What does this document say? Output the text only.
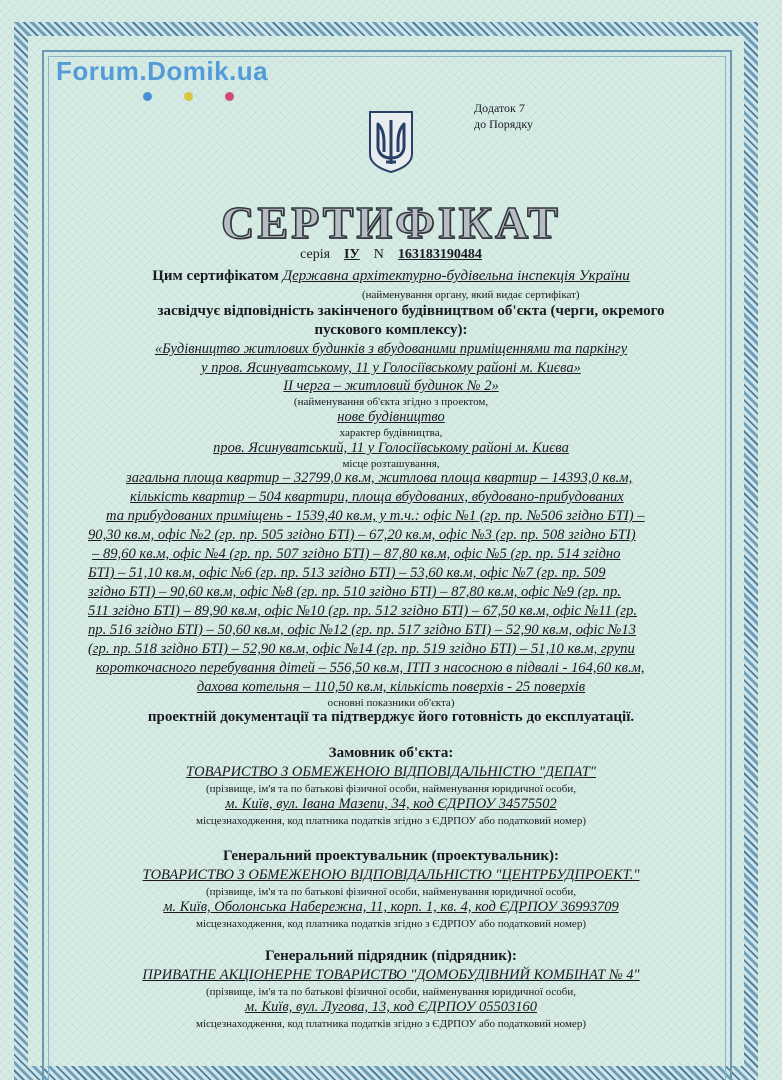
Forum.Domik.ua

Додаток 7
до Порядку
СЕРТИФІКАТ
серія ІУ N 163183190484
Цим сертифікатом Державна архітектурно-будівельна інспекція України
(найменування органу, який видає сертифікат)
засвідчує відповідність закінченого будівництвом об'єкта (черги, окремого
пускового комплексу):
«Будівництво житлових будинків з вбудованими приміщеннями та паркінгу
у пров. Ясинуватському, 11 у Голосіївському районі м. Києва»
ІІ черга – житловий будинок № 2»
(найменування об'єкта згідно з проектом,
нове будівництво
характер будівництва,
пров. Ясинуватський, 11 у Голосіївському районі м. Києва
місце розташування,
загальна площа квартир – 32799,0 кв.м, житлова площа квартир – 14393,0 кв.м,
кількість квартир – 504 квартири, площа вбудованих, вбудовано-прибудованих
та прибудованих приміщень - 1539,40 кв.м, у т.ч.: офіс №1 (гр. пр. №506 згідно БТІ) –
90,30 кв.м, офіс №2 (гр. пр. 505 згідно БТІ) – 67,20 кв.м, офіс №3 (гр. пр. 508 згідно БТІ)
– 89,60 кв.м, офіс №4 (гр. пр. 507 згідно БТІ) – 87,80 кв.м, офіс №5 (гр. пр. 514 згідно
БТІ) – 51,10 кв.м, офіс №6 (гр. пр. 513 згідно БТІ) – 53,60 кв.м, офіс №7 (гр. пр. 509
згідно БТІ) – 90,60 кв.м, офіс №8 (гр. пр. 510 згідно БТІ) – 87,80 кв.м, офіс №9 (гр. пр.
511 згідно БТІ) – 89,90 кв.м, офіс №10 (гр. пр. 512 згідно БТІ) – 67,50 кв.м, офіс №11 (гр.
пр. 516 згідно БТІ) – 50,60 кв.м, офіс №12 (гр. пр. 517 згідно БТІ) – 52,90 кв.м, офіс №13
(гр. пр. 518 згідно БТІ) – 52,90 кв.м, офіс №14 (гр. пр. 519 згідно БТІ) – 51,10 кв.м, групи
короткочасного перебування дітей – 556,50 кв.м, ІТП з насосною в підвалі - 164,60 кв.м,
дахова котельня – 110,50 кв.м, кількість поверхів - 25 поверхів
основні показники об'єкта)
проектній документації та підтверджує його готовність до експлуатації.
Замовник об'єкта:
ТОВАРИСТВО З ОБМЕЖЕНОЮ ВІДПОВІДАЛЬНІСТЮ "ДЕПАТ"
(прізвище, ім'я та по батькові фізичної особи, найменування юридичної особи,
м. Київ, вул. Івана Мазепи, 34, код ЄДРПОУ 34575502
місцезнаходження, код платника податків згідно з ЄДРПОУ або податковий номер)
Генеральний проектувальник (проектувальник):
ТОВАРИСТВО З ОБМЕЖЕНОЮ ВІДПОВІДАЛЬНІСТЮ "ЦЕНТРБУДПРОЕКТ."
(прізвище, ім'я та по батькові фізичної особи, найменування юридичної особи,
м. Київ, Оболонська Набережна, 11, корп. 1, кв. 4, код ЄДРПОУ 36993709
місцезнаходження, код платника податків згідно з ЄДРПОУ або податковий номер)
Генеральний підрядник (підрядник):
ПРИВАТНЕ АКЦІОНЕРНЕ ТОВАРИСТВО "ДОМОБУДІВНИЙ КОМБІНАТ № 4"
(прізвище, ім'я та по батькові фізичної особи, найменування юридичної особи,
м. Київ, вул. Лугова, 13, код ЄДРПОУ 05503160
місцезнаходження, код платника податків згідно з ЄДРПОУ або податковий номер)
